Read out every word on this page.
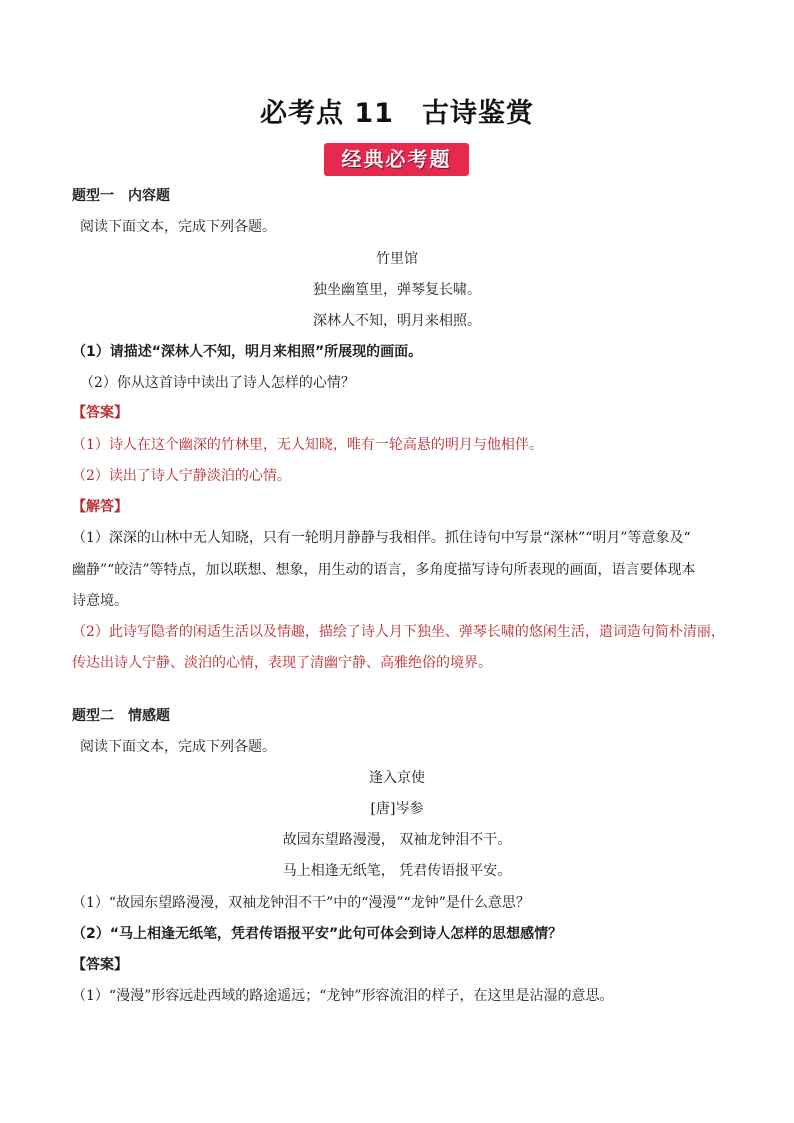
必考点 11　古诗鉴赏
经典必考题
题型一　内容题
阅读下面文本，完成下列各题。
竹里馆
独坐幽篁里，弹琴复长啸。
深林人不知，明月来相照。
（1）请描述“深林人不知，明月来相照”所展现的画面。
（2）你从这首诗中读出了诗人怎样的心情？
【答案】
（1）诗人在这个幽深的竹林里，无人知晓，唯有一轮高悬的明月与他相伴。
（2）读出了诗人宁静淡泊的心情。
【解答】
（1）深深的山林中无人知晓，只有一轮明月静静与我相伴。抓住诗句中写景“深林”“明月”等意象及“
幽静”“皎洁”等特点，加以联想、想象，用生动的语言，多角度描写诗句所表现的画面，语言要体现本
诗意境。
（2）此诗写隐者的闲适生活以及情趣，描绘了诗人月下独坐、弹琴长啸的悠闲生活，遣词造句简朴清丽，
传达出诗人宁静、淡泊的心情，表现了清幽宁静、高雅绝俗的境界。
题型二　情感题
阅读下面文本，完成下列各题。
逢入京使
[唐]岑参
故园东望路漫漫， 双袖龙钟泪不干。
马上相逢无纸笔， 凭君传语报平安。
（1）“故园东望路漫漫，双袖龙钟泪不干”中的“漫漫”“龙钟”是什么意思？
（2）“马上相逢无纸笔，凭君传语报平安”此句可体会到诗人怎样的思想感情？
【答案】
（1）“漫漫”形容远赴西域的路途遥远；“龙钟”形容流泪的样子，在这里是沾湿的意思。
